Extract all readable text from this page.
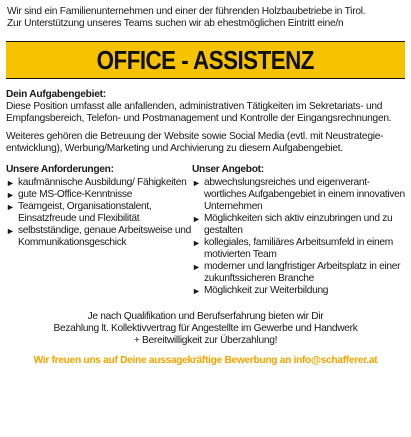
Wir sind ein Familienunternehmen und einer der führenden Holzbaubetriebe in Tirol.
Zur Unterstützung unseres Teams suchen wir ab ehestmöglichen Eintritt eine/n
OFFICE - ASSISTENZ
Dein Aufgabengebiet:

Diese Position umfasst alle anfallenden, administrativen Tätigkeiten im Sekretariats- und Empfangsbereich, Telefon- und Postmanagement und Kontrolle der Eingangsrechnungen.

Weiteres gehören die Betreuung der Website sowie Social Media (evtl. mit Neustrategie-entwicklung), Werbung/Marketing und Archivierung zu diesem Aufgabengebiet.

Unsere Anforderungen:
► kaufmännische Ausbildung/ Fähigkeiten
► gute MS-Office-Kenntnisse
► Teamgeist, Organisationstalent, Einsatzfreude und Flexibilität
► selbstständige, genaue Arbeitsweise und Kommunikationsgeschick
Unser Angebot:
► abwechslungsreiches und eigenverant-wortliches Aufgabengebiet in einem innovativen Unternehmen
► Möglichkeiten sich aktiv einzubringen und zu gestalten
► kollegiales, familiäres Arbeitsumfeld in einem motivierten Team
► moderner und langfristiger Arbeitsplatz in einer zukunftssicheren Branche
► Möglichkeit zur Weiterbildung
Je nach Qualifikation und Berufserfahrung bieten wir Dir
Bezahlung lt. Kollektivvertrag für Angestellte im Gewerbe und Handwerk
+ Bereitwilligkeit zur Überzahlung!
Wir freuen uns auf Deine aussagekräftige Bewerbung an info@schafferer.at
